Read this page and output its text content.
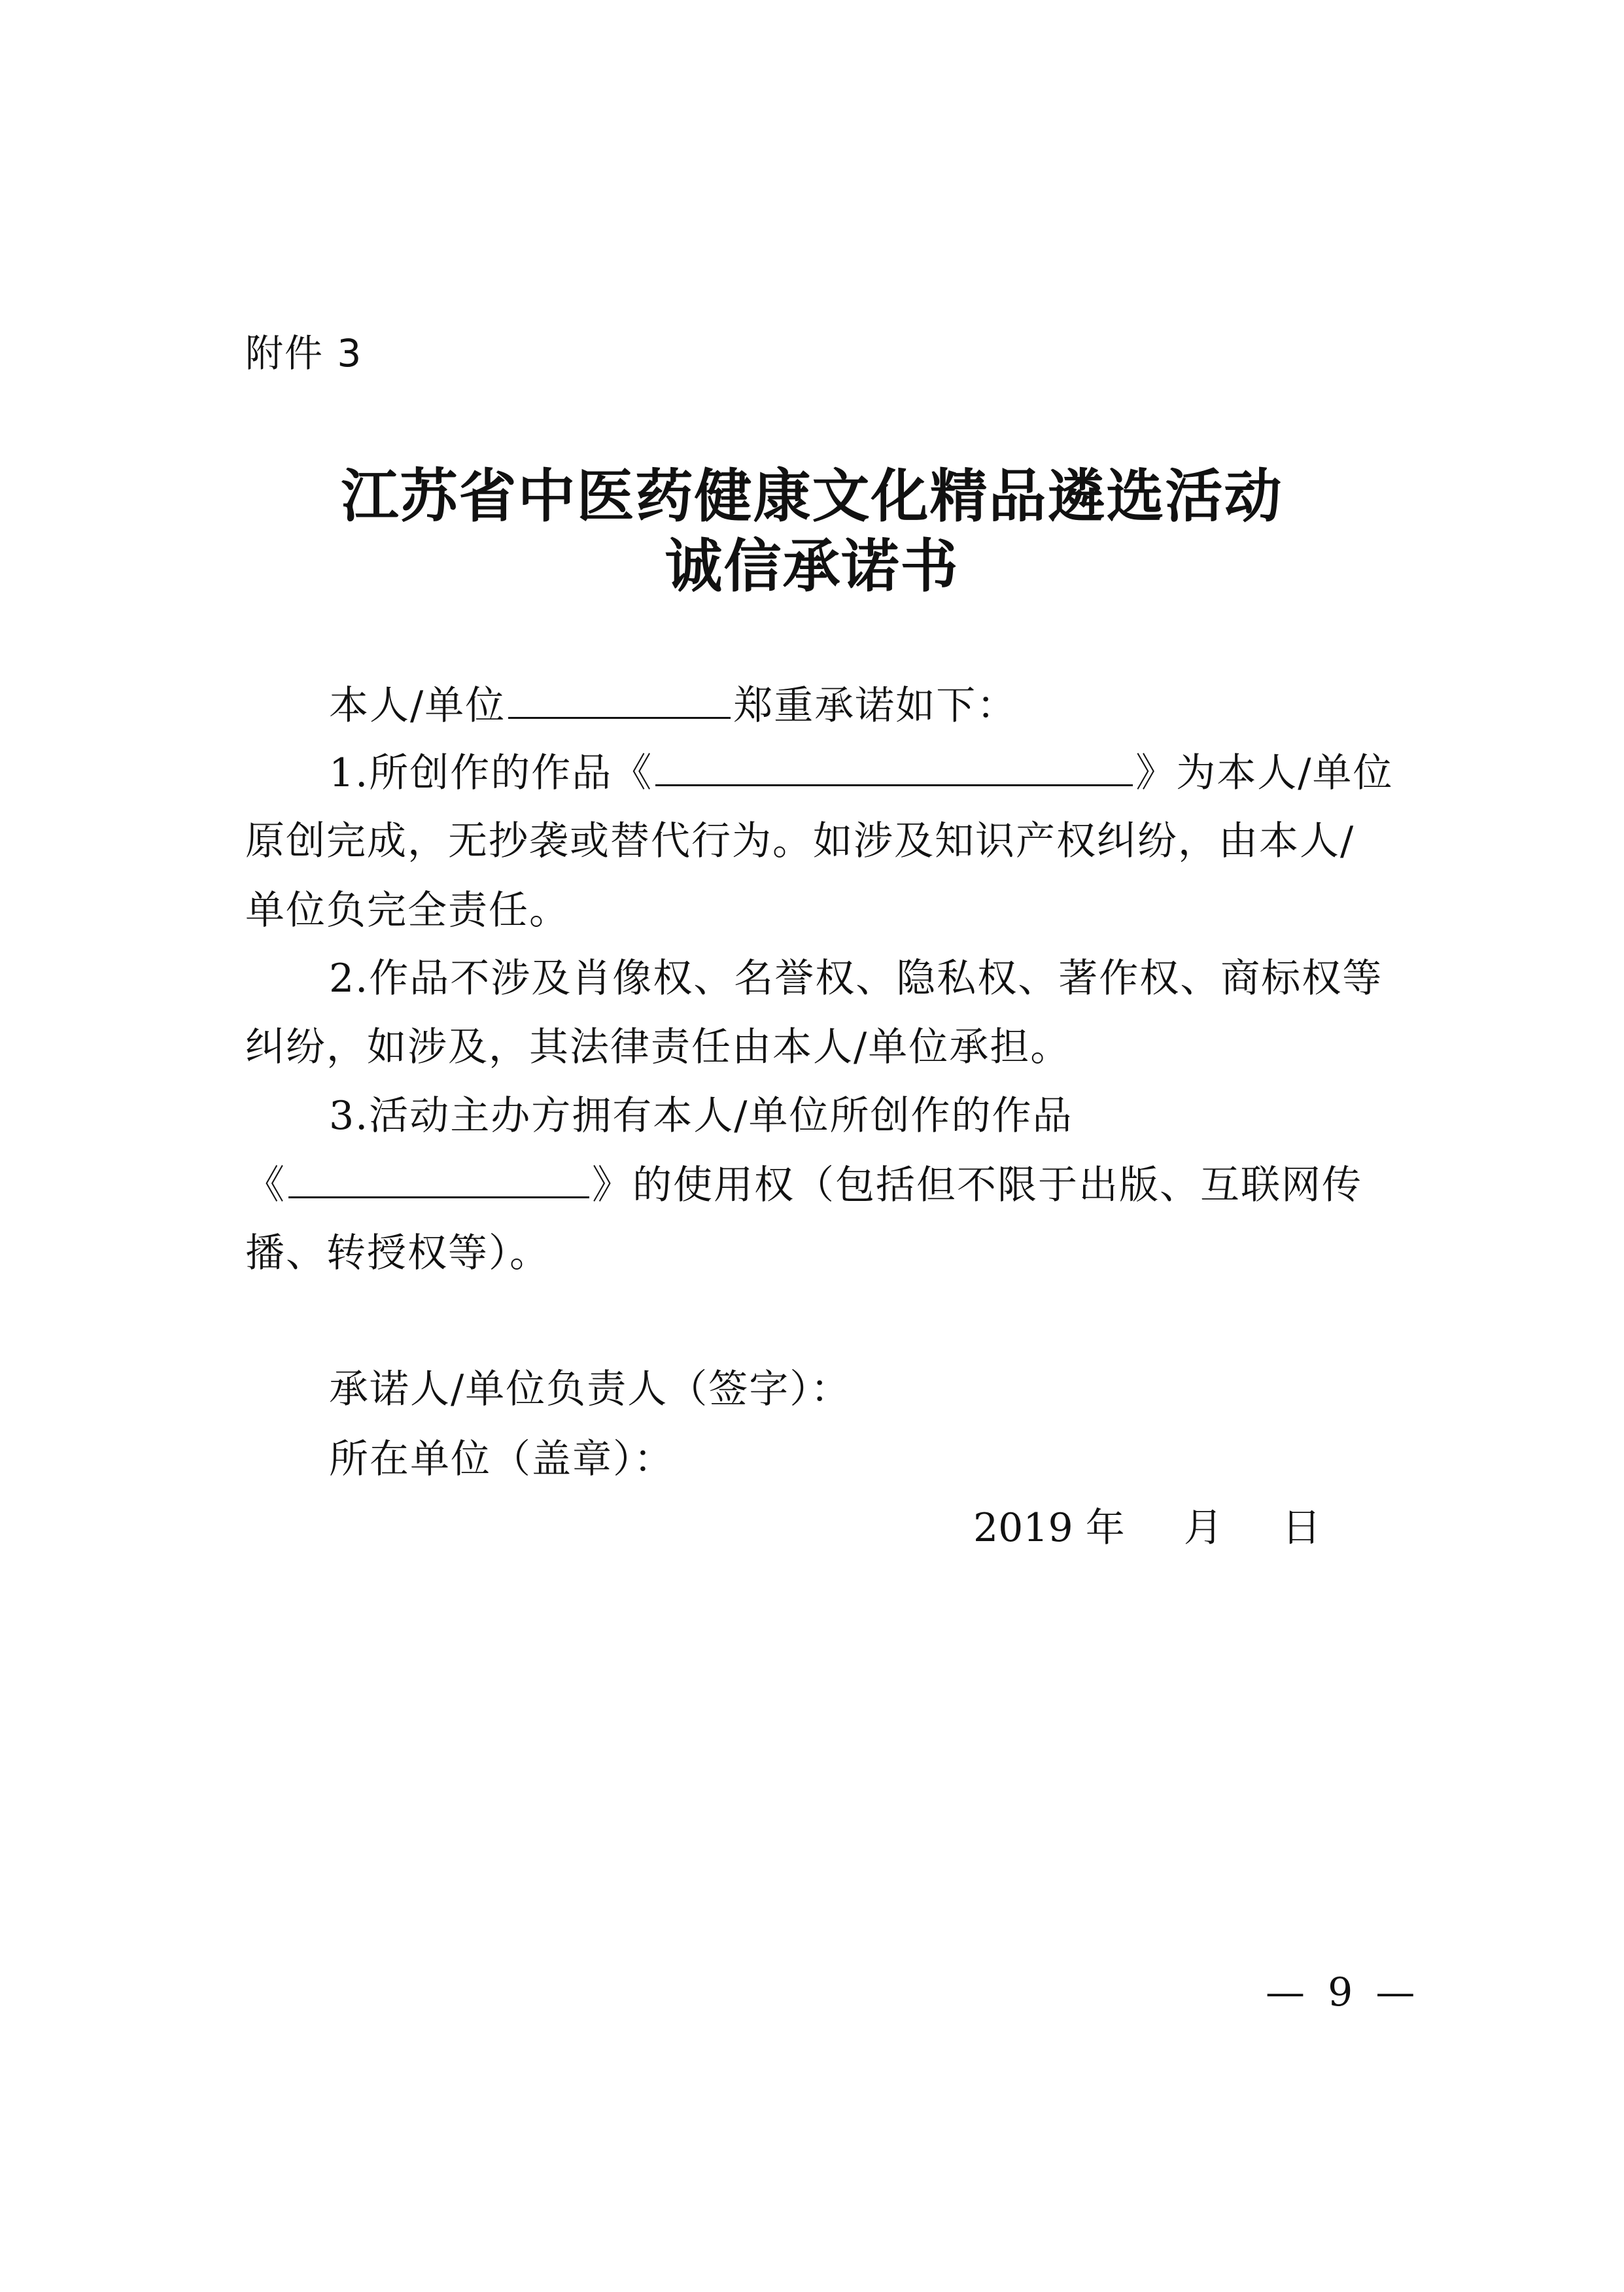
附件 3
江苏省中医药健康文化精品遴选活动
诚信承诺书
本人/单位	郑重承诺如下：
1.所创作的作品《	》为本人/单位
原创完成，无抄袭或替代行为。如涉及知识产权纠纷，由本人/
单位负完全责任。
2.作品不涉及肖像权、名誉权、隐私权、著作权、商标权等
纠纷，如涉及，其法律责任由本人/单位承担。
3.活动主办方拥有本人/单位所创作的作品
《	》的使用权（包括但不限于出版、互联网传
播、转授权等）。
承诺人/单位负责人（签字）：
所在单位（盖章）：
2019 年 月 日
— 9 —
